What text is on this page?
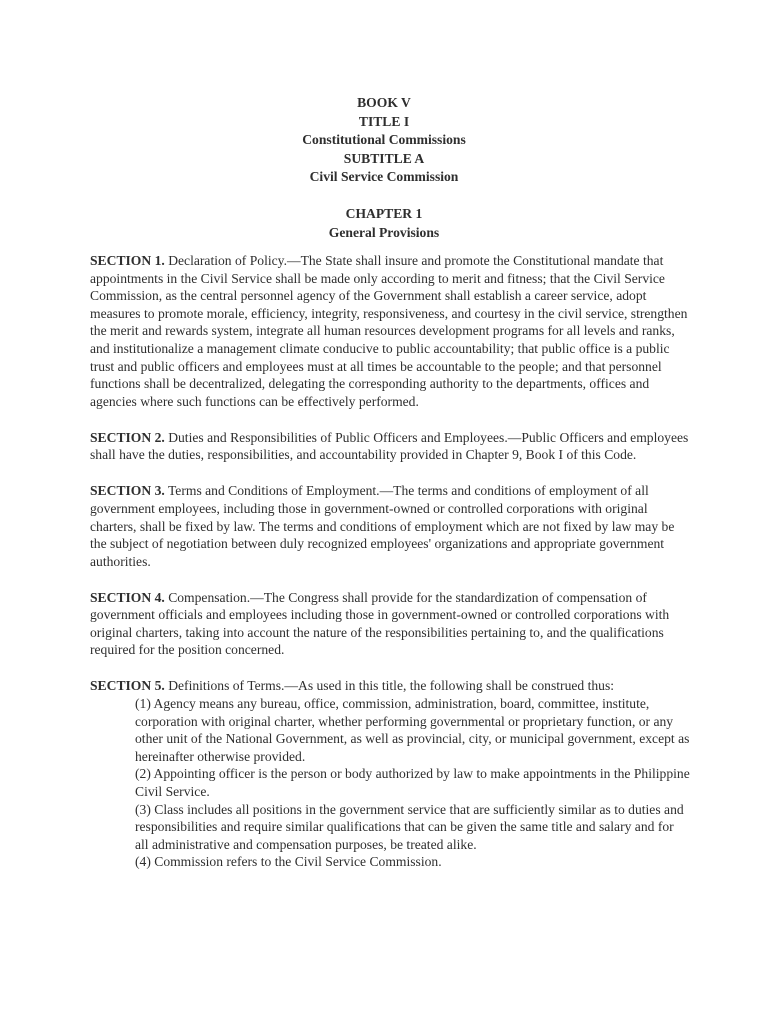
BOOK V
TITLE I
Constitutional Commissions
SUBTITLE A
Civil Service Commission
CHAPTER 1
General Provisions

SECTION 1. Declaration of Policy.—The State shall insure and promote the Constitutional mandate that appointments in the Civil Service shall be made only according to merit and fitness; that the Civil Service Commission, as the central personnel agency of the Government shall establish a career service, adopt measures to promote morale, efficiency, integrity, responsiveness, and courtesy in the civil service, strengthen the merit and rewards system, integrate all human resources development programs for all levels and ranks, and institutionalize a management climate conducive to public accountability; that public office is a public trust and public officers and employees must at all times be accountable to the people; and that personnel functions shall be decentralized, delegating the corresponding authority to the departments, offices and agencies where such functions can be effectively performed.

SECTION 2. Duties and Responsibilities of Public Officers and Employees.—Public Officers and employees shall have the duties, responsibilities, and accountability provided in Chapter 9, Book I of this Code.

SECTION 3. Terms and Conditions of Employment.—The terms and conditions of employment of all government employees, including those in government-owned or controlled corporations with original charters, shall be fixed by law. The terms and conditions of employment which are not fixed by law may be the subject of negotiation between duly recognized employees' organizations and appropriate government authorities.

SECTION 4. Compensation.—The Congress shall provide for the standardization of compensation of government officials and employees including those in government-owned or controlled corporations with original charters, taking into account the nature of the responsibilities pertaining to, and the qualifications required for the position concerned.

SECTION 5. Definitions of Terms.—As used in this title, the following shall be construed thus:
(1) Agency means any bureau, office, commission, administration, board, committee, institute, corporation with original charter, whether performing governmental or proprietary function, or any other unit of the National Government, as well as provincial, city, or municipal government, except as hereinafter otherwise provided.
(2) Appointing officer is the person or body authorized by law to make appointments in the Philippine Civil Service.
(3) Class includes all positions in the government service that are sufficiently similar as to duties and responsibilities and require similar qualifications that can be given the same title and salary and for all administrative and compensation purposes, be treated alike.
(4) Commission refers to the Civil Service Commission.
